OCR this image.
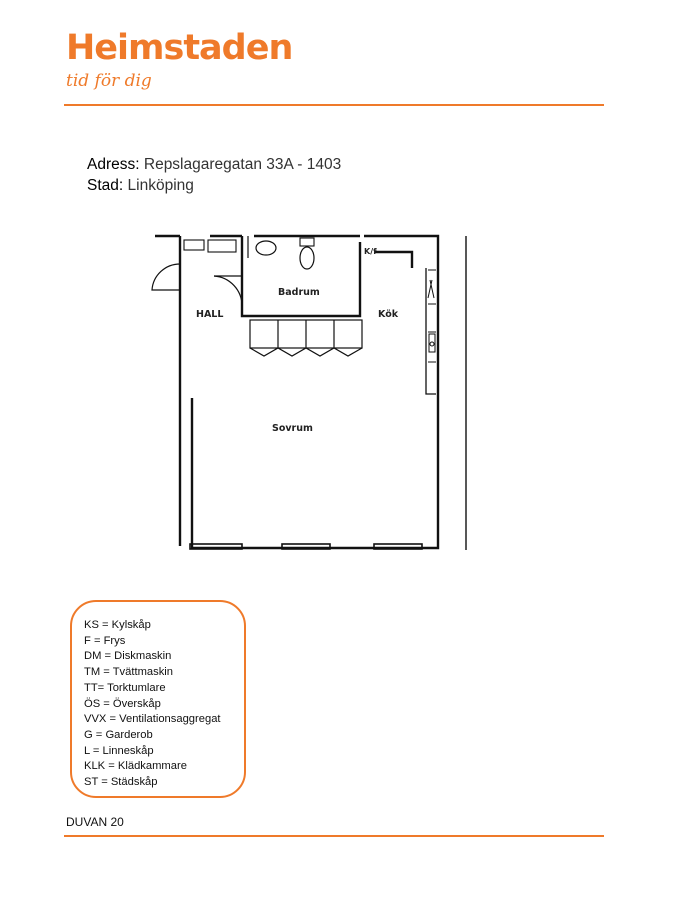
Heimstaden
tid för dig
Adress: Repslagaregatan 33A - 1403
Stad: Linköping
Badrum
HALL	Kök
Sovrum
K/f
KS = Kylskåp
F = Frys
DM = Diskmaskin
TM = Tvättmaskin
TT= Torktumlare
ÖS = Överskåp
VVX = Ventilationsaggregat
G = Garderob
L = Linneskåp
KLK = Klädkammare
ST = Städskåp
DUVAN 20
